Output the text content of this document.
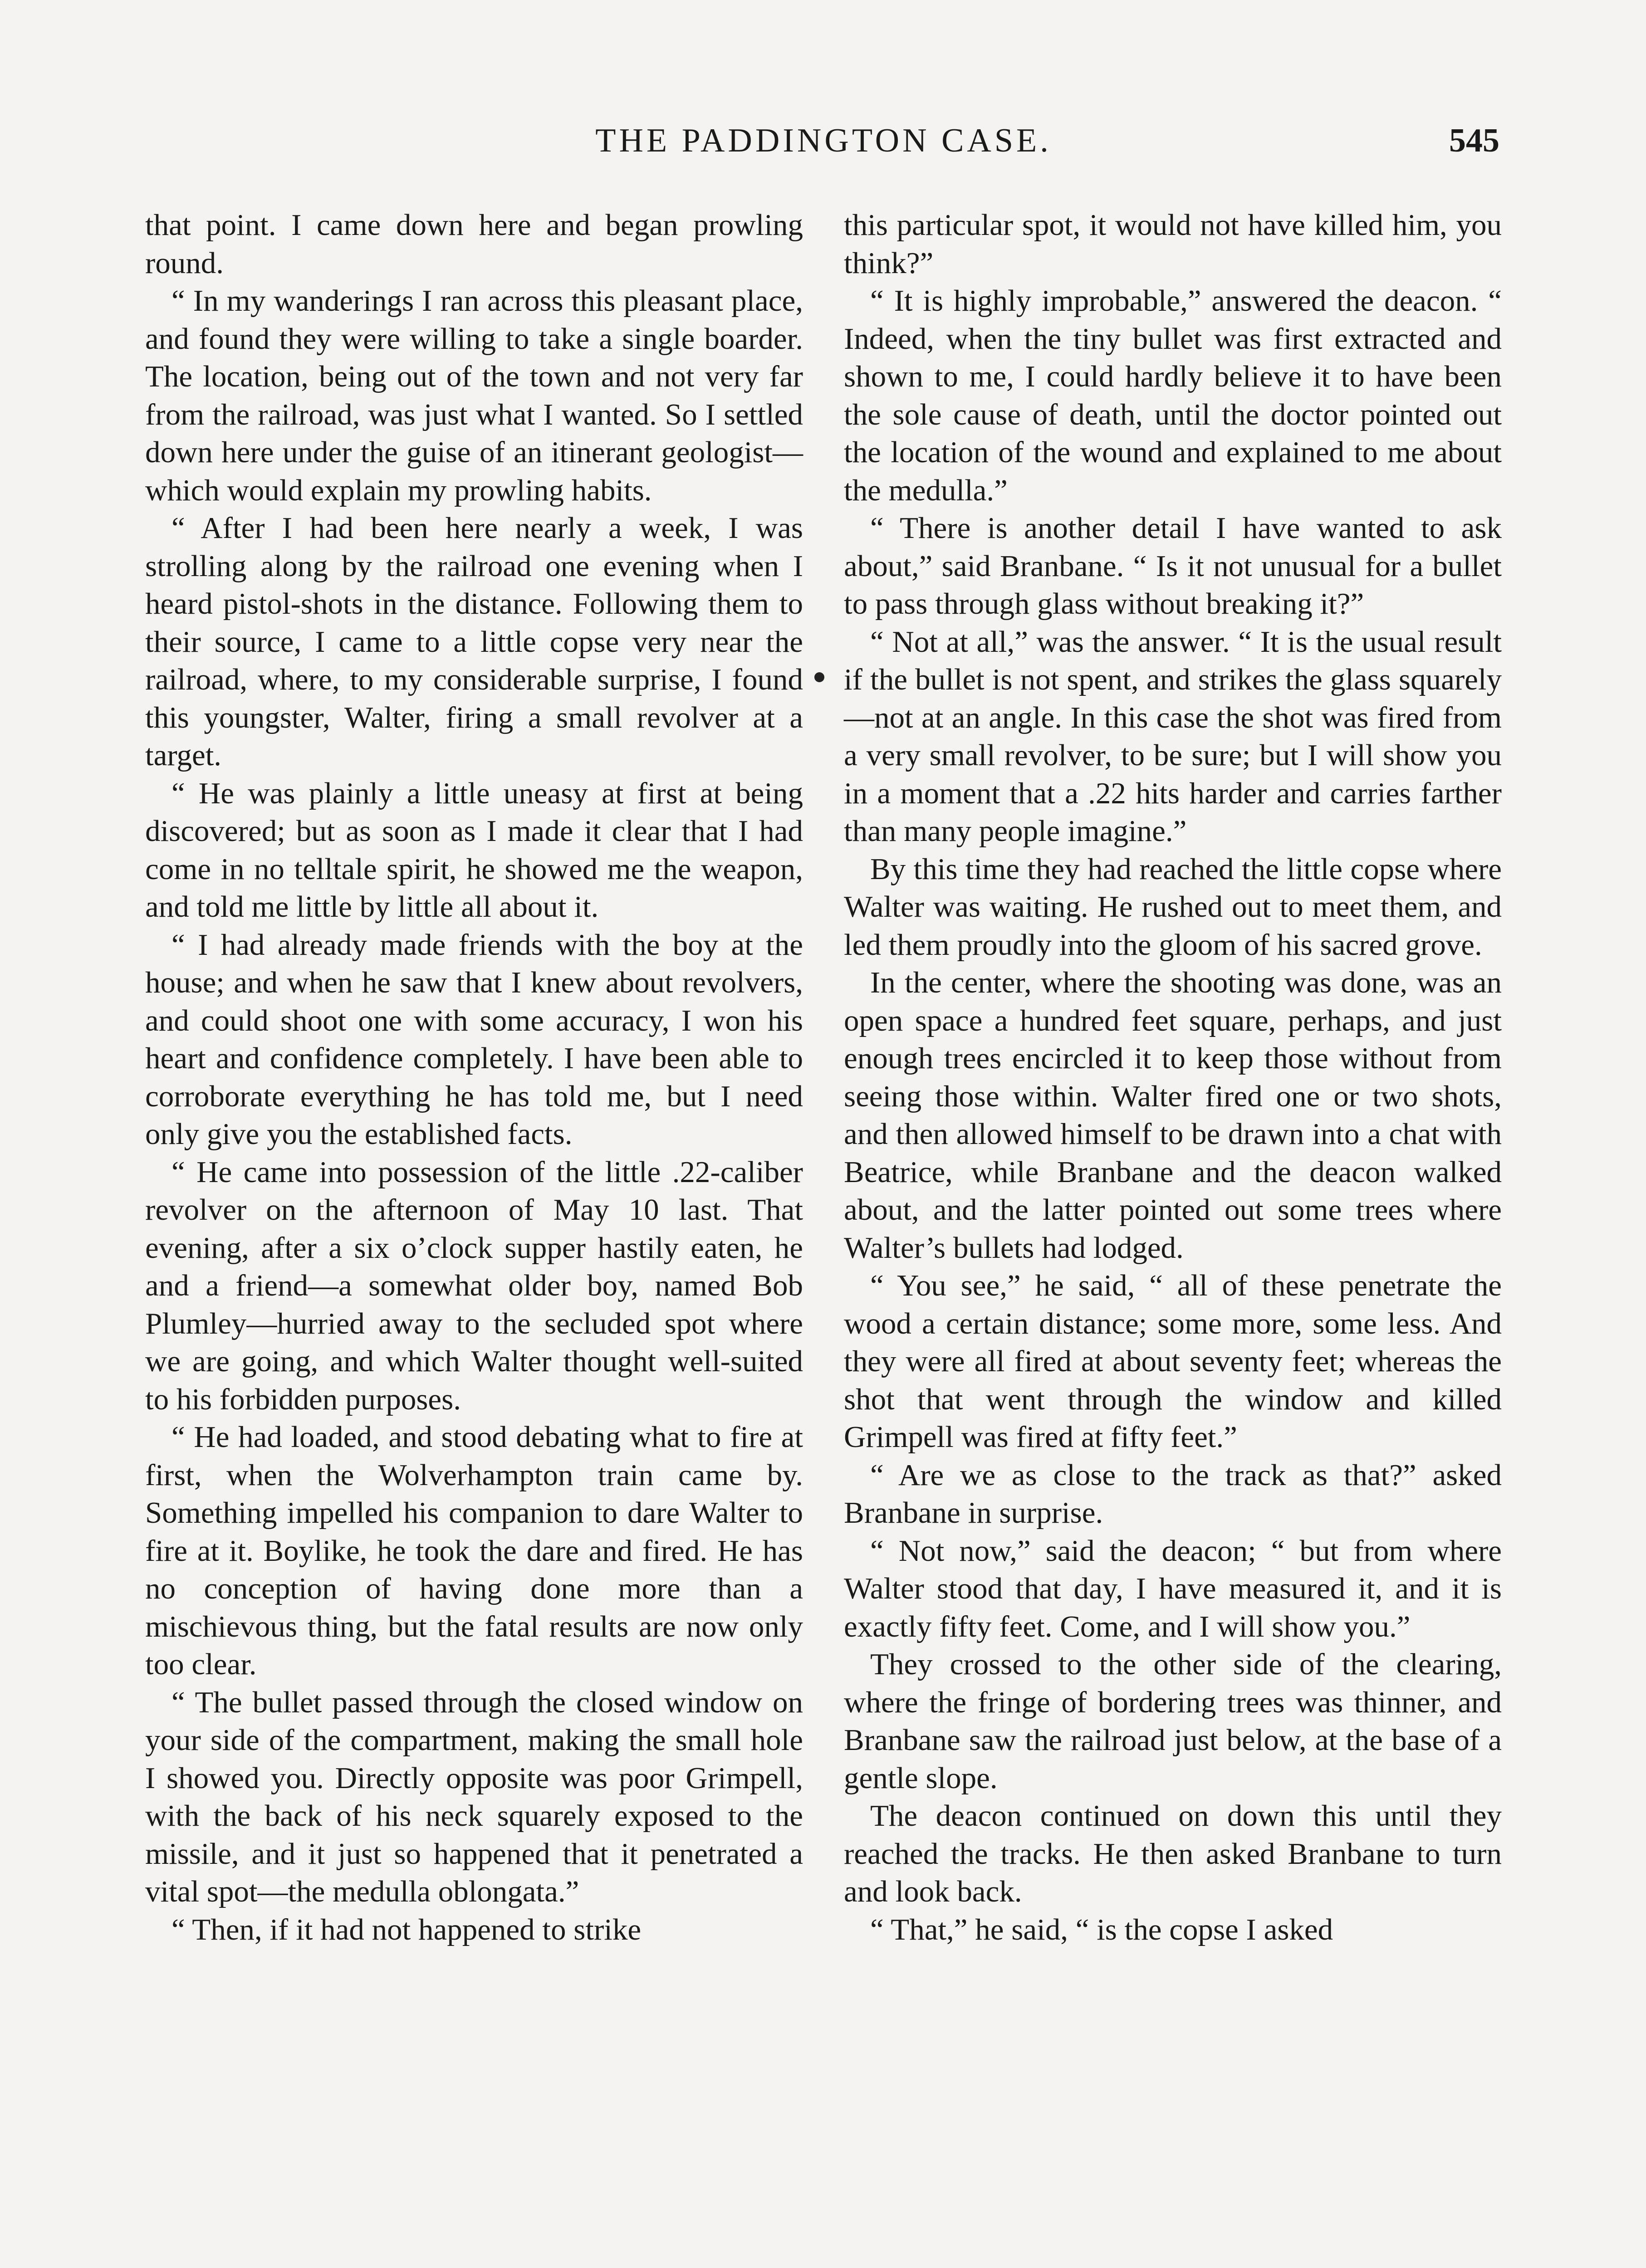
THE PADDINGTON CASE.	545

that point. I came down here and began prowling round.

“ In my wanderings I ran across this pleasant place, and found they were willing to take a single boarder. The location, being out of the town and not very far from the railroad, was just what I wanted. So I settled down here under the guise of an itinerant geologist—which would explain my prowling habits.

“ After I had been here nearly a week, I was strolling along by the railroad one evening when I heard pistol-shots in the distance. Following them to their source, I came to a little copse very near the railroad, where, to my considerable surprise, I found this youngster, Walter, firing a small revolver at a target.

“ He was plainly a little uneasy at first at being discovered; but as soon as I made it clear that I had come in no telltale spirit, he showed me the weapon, and told me little by little all about it.

“ I had already made friends with the boy at the house; and when he saw that I knew about revolvers, and could shoot one with some accuracy, I won his heart and confidence completely. I have been able to corroborate everything he has told me, but I need only give you the established facts.

“ He came into possession of the little .22-caliber revolver on the afternoon of May 10 last. That evening, after a six o’clock supper hastily eaten, he and a friend—a somewhat older boy, named Bob Plumley—hurried away to the secluded spot where we are going, and which Walter thought well-suited to his forbidden purposes.

“ He had loaded, and stood debating what to fire at first, when the Wolverhampton train came by. Something impelled his companion to dare Walter to fire at it. Boylike, he took the dare and fired. He has no conception of having done more than a mischievous thing, but the fatal results are now only too clear.

“ The bullet passed through the closed window on your side of the compartment, making the small hole I showed you. Directly opposite was poor Grimpell, with the back of his neck squarely exposed to the missile, and it just so happened that it penetrated a vital spot—the medulla oblongata.”

“ Then, if it had not happened to strike

this particular spot, it would not have killed him, you think?”

“ It is highly improbable,” answered the deacon. “ Indeed, when the tiny bullet was first extracted and shown to me, I could hardly believe it to have been the sole cause of death, until the doctor pointed out the location of the wound and explained to me about the medulla.”

“ There is another detail I have wanted to ask about,” said Branbane. “ Is it not unusual for a bullet to pass through glass without breaking it?”

“ Not at all,” was the answer. “ It is the usual result if the bullet is not spent, and strikes the glass squarely—not at an angle. In this case the shot was fired from a very small revolver, to be sure; but I will show you in a moment that a .22 hits harder and carries farther than many people imagine.”

By this time they had reached the little copse where Walter was waiting. He rushed out to meet them, and led them proudly into the gloom of his sacred grove.

In the center, where the shooting was done, was an open space a hundred feet square, perhaps, and just enough trees encircled it to keep those without from seeing those within. Walter fired one or two shots, and then allowed himself to be drawn into a chat with Beatrice, while Branbane and the deacon walked about, and the latter pointed out some trees where Walter’s bullets had lodged.

“ You see,” he said, “ all of these penetrate the wood a certain distance; some more, some less. And they were all fired at about seventy feet; whereas the shot that went through the window and killed Grimpell was fired at fifty feet.”

“ Are we as close to the track as that?” asked Branbane in surprise.

“ Not now,” said the deacon; “ but from where Walter stood that day, I have measured it, and it is exactly fifty feet. Come, and I will show you.”

They crossed to the other side of the clearing, where the fringe of bordering trees was thinner, and Branbane saw the railroad just below, at the base of a gentle slope.

The deacon continued on down this until they reached the tracks. He then asked Branbane to turn and look back.

“ That,” he said, “ is the copse I asked
